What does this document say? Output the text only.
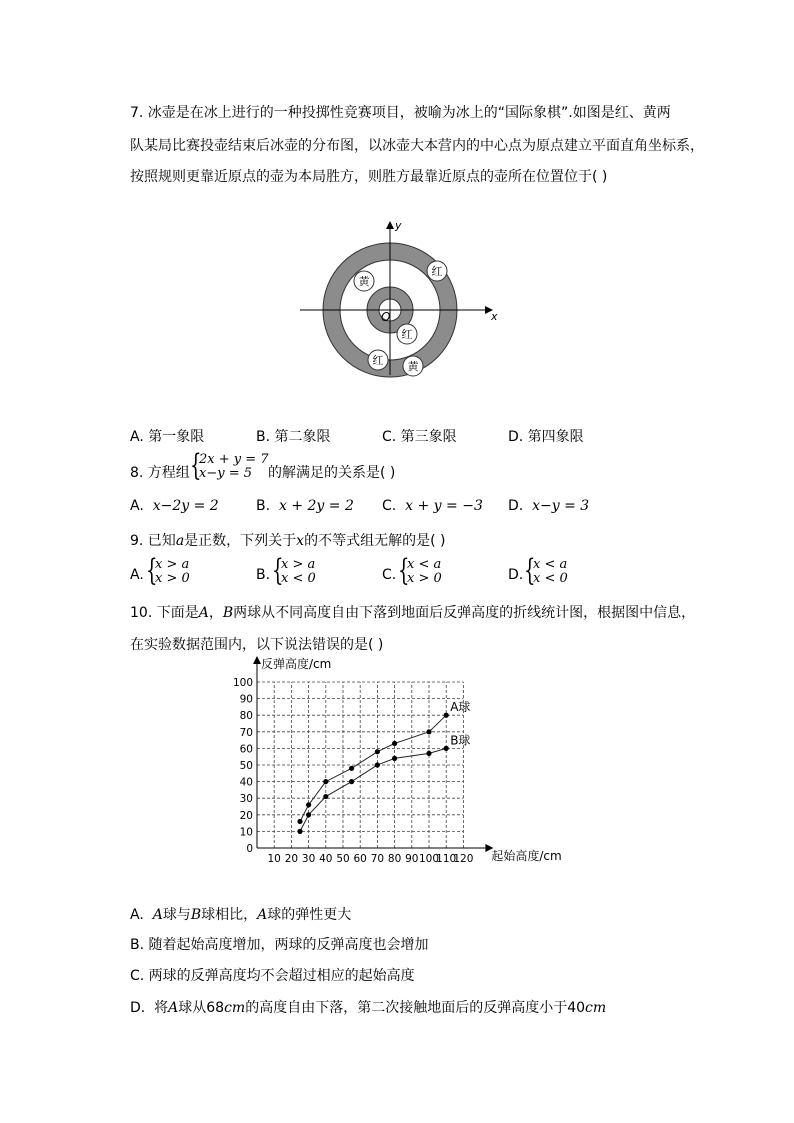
7. 冰壶是在冰上进行的一种投掷性竞赛项目，被喻为冰上的“国际象棋”.如图是红、黄两
队某局比赛投壶结束后冰壶的分布图，以冰壶大本营内的中心点为原点建立平面直角坐标系，
按照规则更靠近原点的壶为本局胜方，则胜方最靠近原点的壶所在位置位于( )
x
y
O
黄
红
红
红 黄
A. 第一象限	B. 第二象限	C. 第三象限	D. 第四象限
8. 方程组 {
2x + y = 7
x−y = 5 的解满足的关系是( )
A. x−2y = 2	B. x + 2y = 2 C. x + y = −3 D. x−y = 3
9. 已知a是正数，下列关于x的不等式组无解的是( )
A. {
x > a
x > 0	B. {
x > a
x < 0	C. {
x < a
x > 0	D. {
x < a
x < 0
10. 下面是A，B两球从不同高度自由下落到地面后反弹高度的折线统计图，根据图中信息，
在实验数据范围内，以下说法错误的是( )
10 20 30 40 50 60 70 80 90 100
110
120
0
10
20
30
40
50
60
70
80
90
100
反弹高度/cm
起始高度/cm
A球
B球
A. A球与B球相比，A球的弹性更大
B. 随着起始高度增加，两球的反弹高度也会增加
C. 两球的反弹高度均不会超过相应的起始高度
D. 将A球从68cm的高度自由下落，第二次接触地面后的反弹高度小于40cm
